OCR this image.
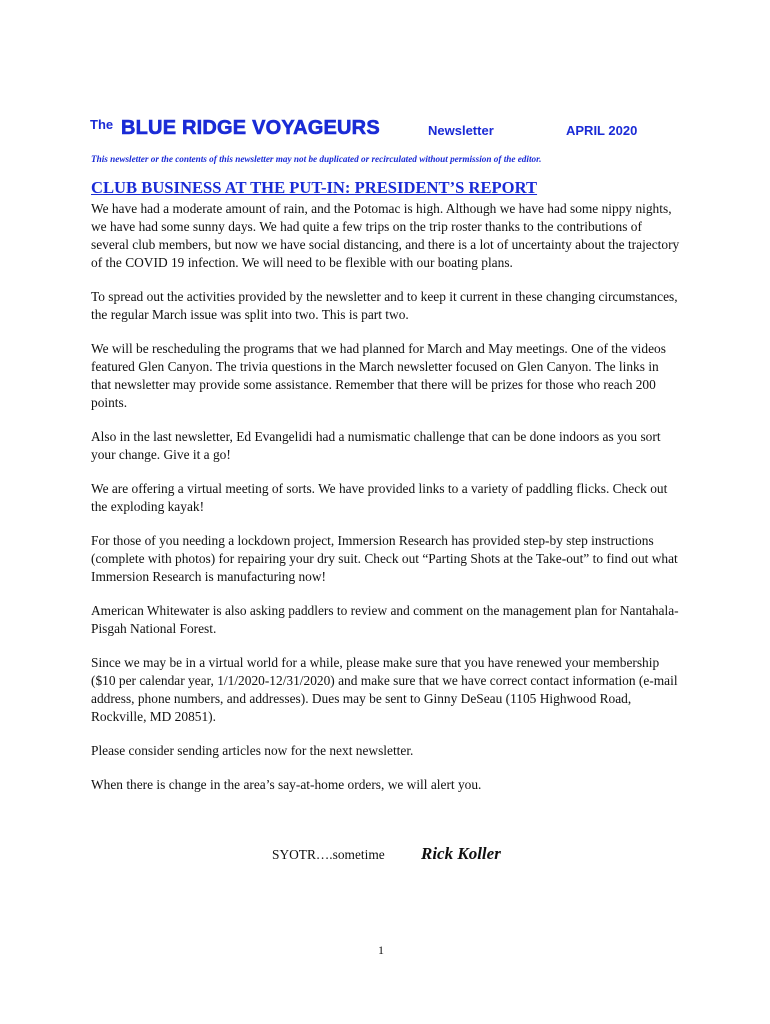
The BLUE RIDGE VOYAGEURS	Newsletter	APRIL 2020
This newsletter or the contents of this newsletter may not be duplicated or recirculated without permission of the editor.
CLUB BUSINESS AT THE PUT-IN: PRESIDENT’S REPORT

We have had a moderate amount of rain, and the Potomac is high. Although we have had some nippy nights, we have had some sunny days. We had quite a few trips on the trip roster thanks to the contributions of several club members, but now we have social distancing, and there is a lot of uncertainty about the trajectory of the COVID 19 infection. We will need to be flexible with our boating plans.

To spread out the activities provided by the newsletter and to keep it current in these changing circumstances, the regular March issue was split into two. This is part two.

We will be rescheduling the programs that we had planned for March and May meetings. One of the videos featured Glen Canyon. The trivia questions in the March newsletter focused on Glen Canyon. The links in that newsletter may provide some assistance. Remember that there will be prizes for those who reach 200 points.

Also in the last newsletter, Ed Evangelidi had a numismatic challenge that can be done indoors as you sort your change. Give it a go!

We are offering a virtual meeting of sorts. We have provided links to a variety of paddling flicks. Check out the exploding kayak!

For those of you needing a lockdown project, Immersion Research has provided step-by step instructions (complete with photos) for repairing your dry suit. Check out “Parting Shots at the Take-out” to find out what Immersion Research is manufacturing now!

American Whitewater is also asking paddlers to review and comment on the management plan for Nantahala-Pisgah National Forest.

Since we may be in a virtual world for a while, please make sure that you have renewed your membership ($10 per calendar year, 1/1/2020-12/31/2020) and make sure that we have correct contact information (e-mail address, phone numbers, and addresses). Dues may be sent to Ginny DeSeau (1105 Highwood Road, Rockville, MD 20851).

Please consider sending articles now for the next newsletter.

When there is change in the area’s say-at-home orders, we will alert you.

SYOTR….sometime Rick Koller
1
